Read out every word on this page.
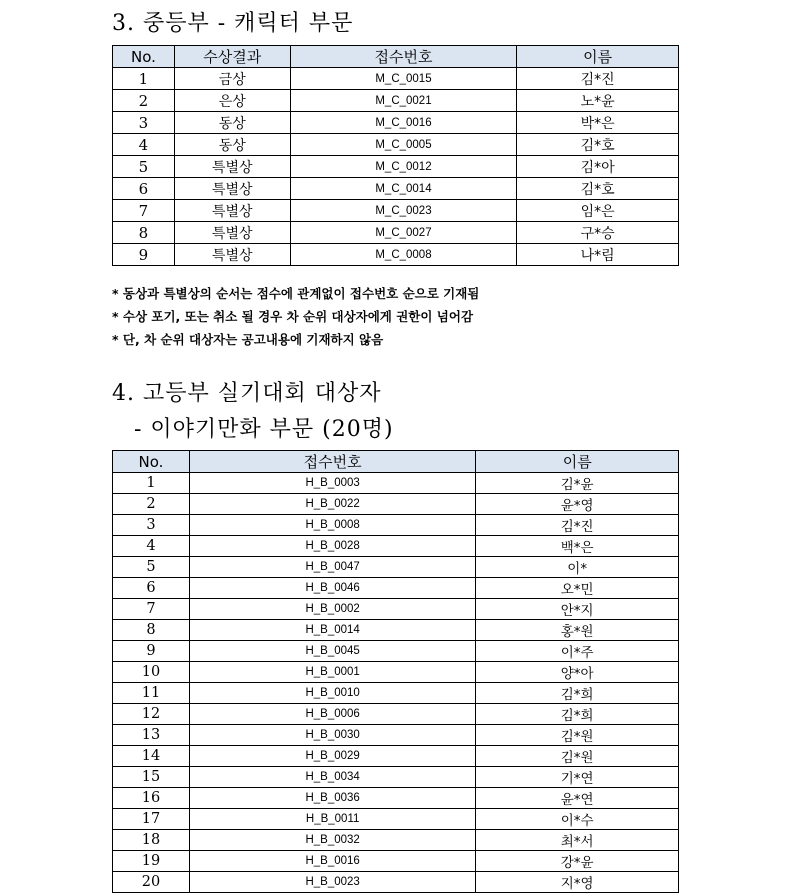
3. 중등부 - 캐릭터 부문
No.	수상결과	접수번호	이름
1	금상	M_C_0015	김*진
2	은상	M_C_0021	노*윤
3	동상	M_C_0016	박*은
4	동상	M_C_0005	김*호
5	특별상	M_C_0012	김*아
6	특별상	M_C_0014	김*호
7	특별상	M_C_0023	임*은
8	특별상	M_C_0027	구*승
9	특별상	M_C_0008	나*림
* 동상과 특별상의 순서는 점수에 관계없이 접수번호 순으로 기재됨
* 수상 포기, 또는 취소 될 경우 차 순위 대상자에게 권한이 넘어감
* 단, 차 순위 대상자는 공고내용에 기재하지 않음
4. 고등부 실기대회 대상자
- 이야기만화 부문 (20명)
No.	접수번호	이름
1	H_B_0003	김*윤
2	H_B_0022	윤*영
3	H_B_0008	김*진
4	H_B_0028	백*은
5	H_B_0047	이*
6	H_B_0046	오*민
7	H_B_0002	안*지
8	H_B_0014	홍*원
9	H_B_0045	이*주
10	H_B_0001	양*아
11	H_B_0010	김*희
12	H_B_0006	김*희
13	H_B_0030	김*원
14	H_B_0029	김*원
15	H_B_0034	기*연
16	H_B_0036	윤*연
17	H_B_0011	이*수
18	H_B_0032	최*서
19	H_B_0016	강*윤
20	H_B_0023	지*영
